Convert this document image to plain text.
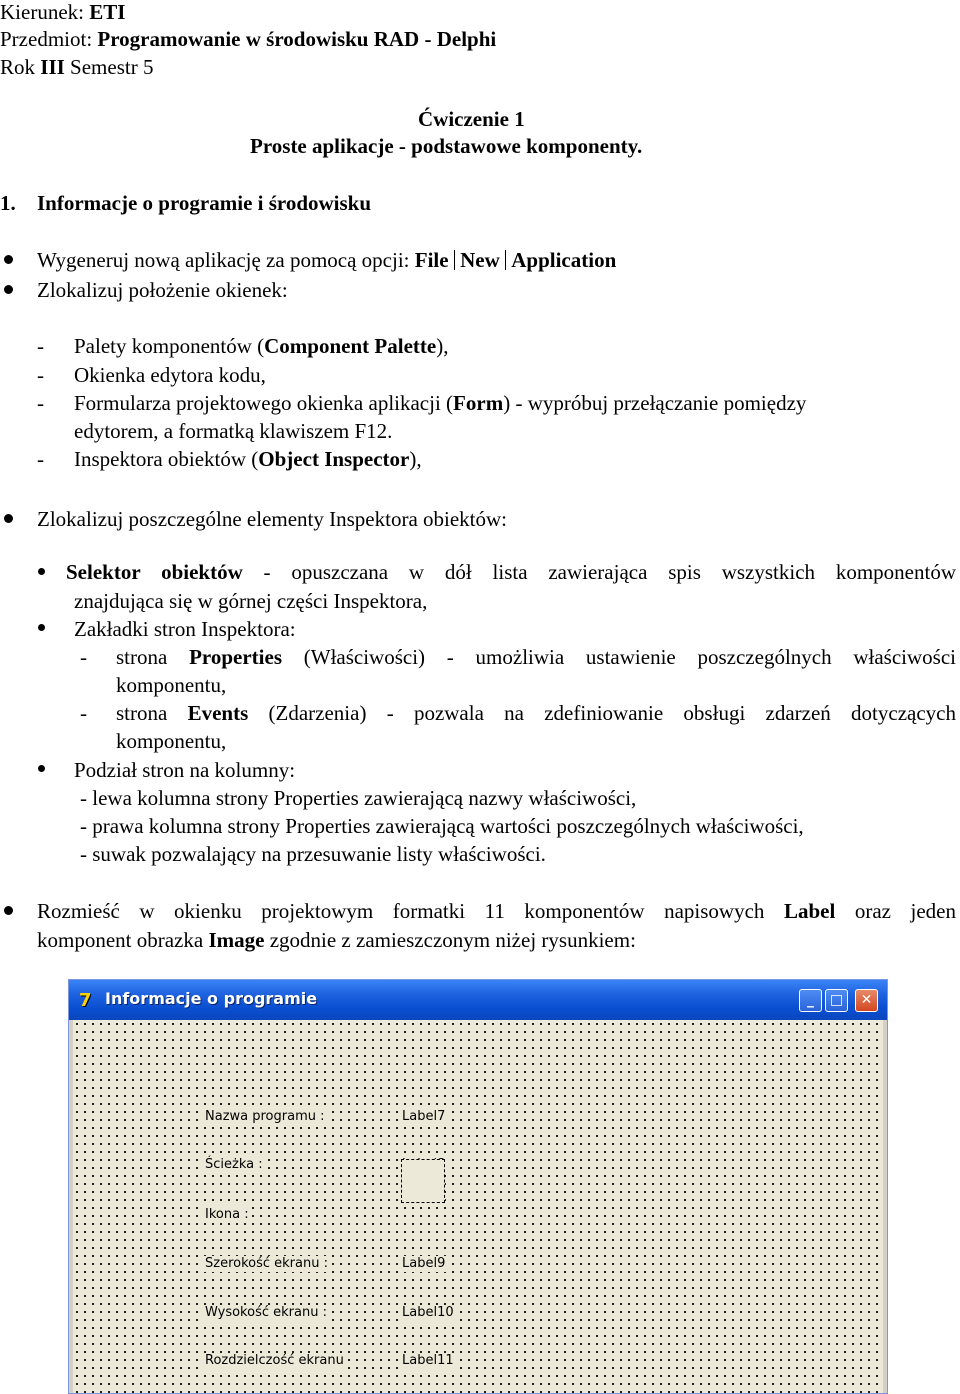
Kierunek: ETI
Przedmiot: Programowanie w środowisku RAD - Delphi
Rok III Semestr 5
Ćwiczenie 1
Proste aplikacje - podstawowe komponenty.
1. Informacje o programie i środowisku
Wygeneruj nową aplikację za pomocą opcji: File New Application
Zlokalizuj położenie okienek:
- Palety komponentów (Component Palette),
- Okienka edytora kodu,
- Formularza projektowego okienka aplikacji (Form) - wypróbuj przełączanie pomiędzy
edytorem, a formatką klawiszem F12.
- Inspektora obiektów (Object Inspector),
Zlokalizuj poszczególne elementy Inspektora obiektów:
Selektor obiektów - opuszczana w dół lista zawierająca spis wszystkich komponentów
znajdująca się w górnej części Inspektora,
Zakładki stron Inspektora:
- strona Properties (Właściwości) - umożliwia ustawienie poszczególnych właściwości
komponentu,
- strona Events (Zdarzenia) - pozwala na zdefiniowanie obsługi zdarzeń dotyczących
komponentu,
Podział stron na kolumny:
- lewa kolumna strony Properties zawierającą nazwy właściwości,
- prawa kolumna strony Properties zawierającą wartości poszczególnych właściwości,
- suwak pozwalający na przesuwanie listy właściwości.
Rozmieść w okienku projektowym formatki 11 komponentów napisowych Label oraz jeden
komponent obrazka Image zgodnie z zamieszczonym niżej rysunkiem:
7 Informacje o programie	_	□	✕
Nazwa programu :	Label7
Ścieżka :
Ikona :
Szerokość ekranu :	Label9
Wysokość ekranu :	Label10
Rozdzielczość ekranu	Label11
